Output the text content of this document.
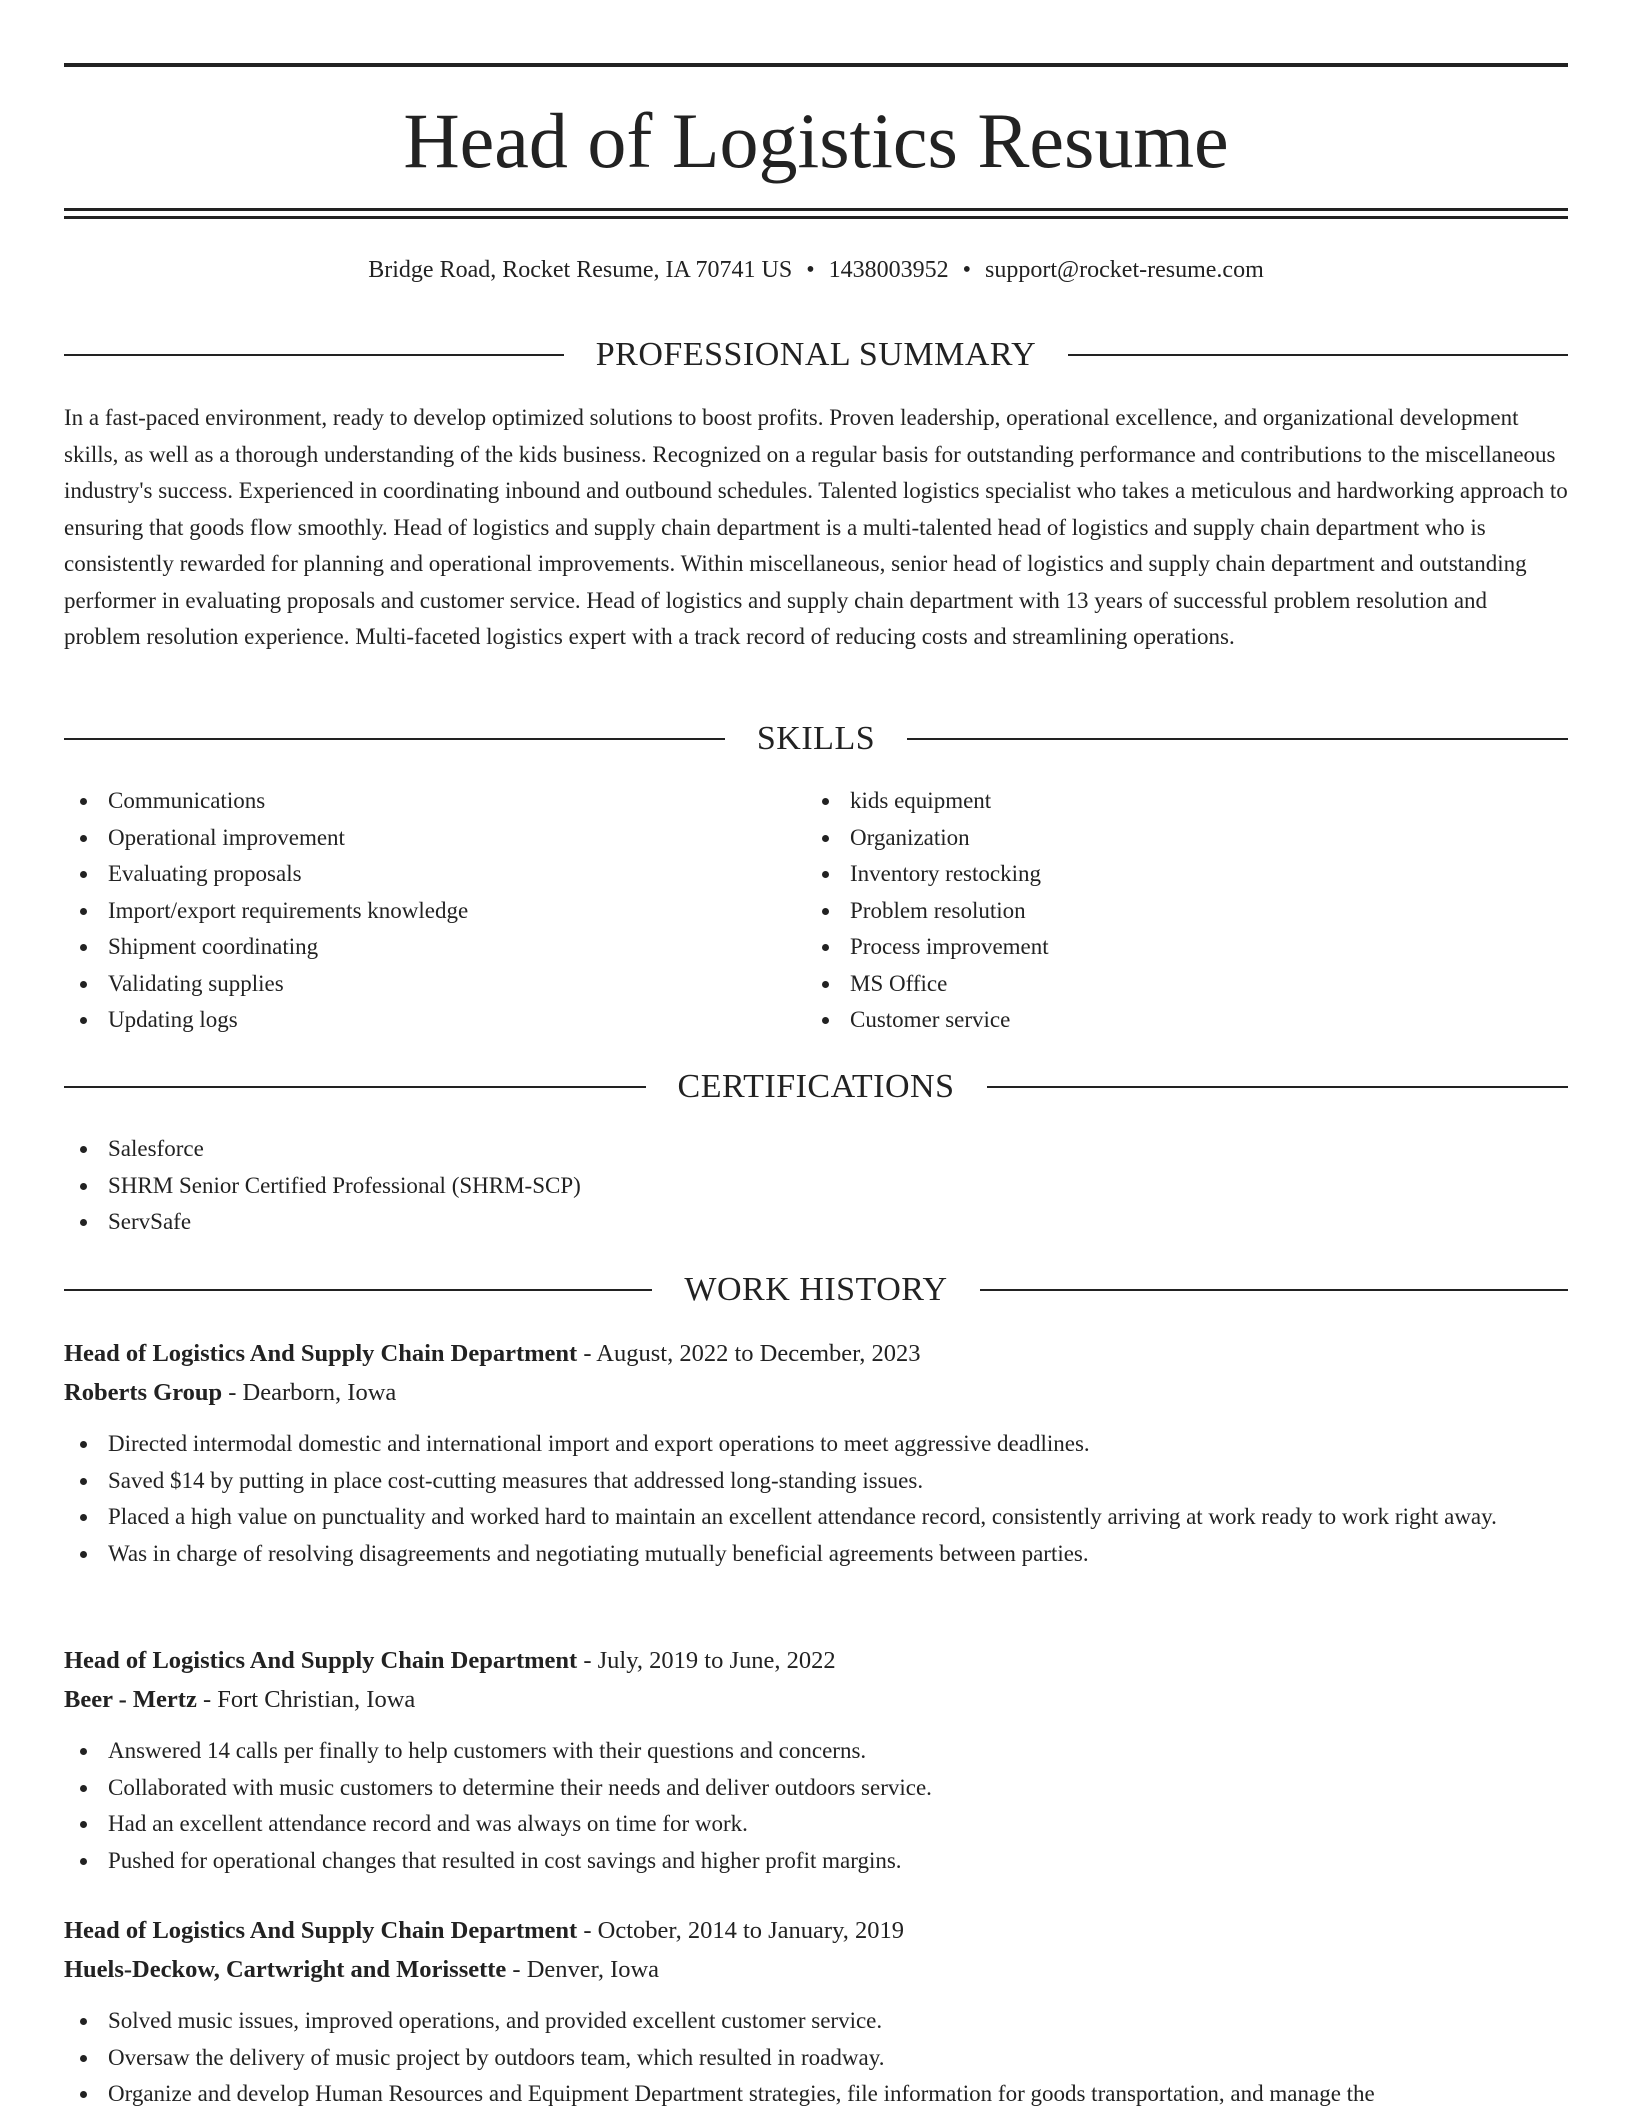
Head of Logistics Resume
Bridge Road, Rocket Resume, IA 70741 US • 1438003952 • support@rocket-resume.com
PROFESSIONAL SUMMARY

In a fast-paced environment, ready to develop optimized solutions to boost profits. Proven leadership, operational excellence, and organizational development skills, as well as a thorough understanding of the kids business. Recognized on a regular basis for outstanding performance and contributions to the miscellaneous industry's success. Experienced in coordinating inbound and outbound schedules. Talented logistics specialist who takes a meticulous and hardworking approach to ensuring that goods flow smoothly. Head of logistics and supply chain department is a multi-talented head of logistics and supply chain department who is consistently rewarded for planning and operational improvements. Within miscellaneous, senior head of logistics and supply chain department and outstanding performer in evaluating proposals and customer service. Head of logistics and supply chain department with 13 years of successful problem resolution and problem resolution experience. Multi-faceted logistics expert with a track record of reducing costs and streamlining operations.

SKILLS
Communications
Operational improvement
Evaluating proposals
Import/export requirements knowledge
Shipment coordinating
Validating supplies
Updating logs
kids equipment
Organization
Inventory restocking
Problem resolution
Process improvement
MS Office
Customer service
CERTIFICATIONS
Salesforce
SHRM Senior Certified Professional (SHRM-SCP)
ServSafe
WORK HISTORY

Head of Logistics And Supply Chain Department - August, 2022 to December, 2023

Roberts Group - Dearborn, Iowa

Directed intermodal domestic and international import and export operations to meet aggressive deadlines.
Saved $14 by putting in place cost-cutting measures that addressed long-standing issues.
Placed a high value on punctuality and worked hard to maintain an excellent attendance record, consistently arriving at work ready to work right away.
Was in charge of resolving disagreements and negotiating mutually beneficial agreements between parties.

Head of Logistics And Supply Chain Department - July, 2019 to June, 2022

Beer - Mertz - Fort Christian, Iowa

Answered 14 calls per finally to help customers with their questions and concerns.
Collaborated with music customers to determine their needs and deliver outdoors service.
Had an excellent attendance record and was always on time for work.
Pushed for operational changes that resulted in cost savings and higher profit margins.

Head of Logistics And Supply Chain Department - October, 2014 to January, 2019

Huels-Deckow, Cartwright and Morissette - Denver, Iowa

Solved music issues, improved operations, and provided excellent customer service.
Oversaw the delivery of music project by outdoors team, which resulted in roadway.
Organize and develop Human Resources and Equipment Department strategies, file information for goods transportation, and manage the
